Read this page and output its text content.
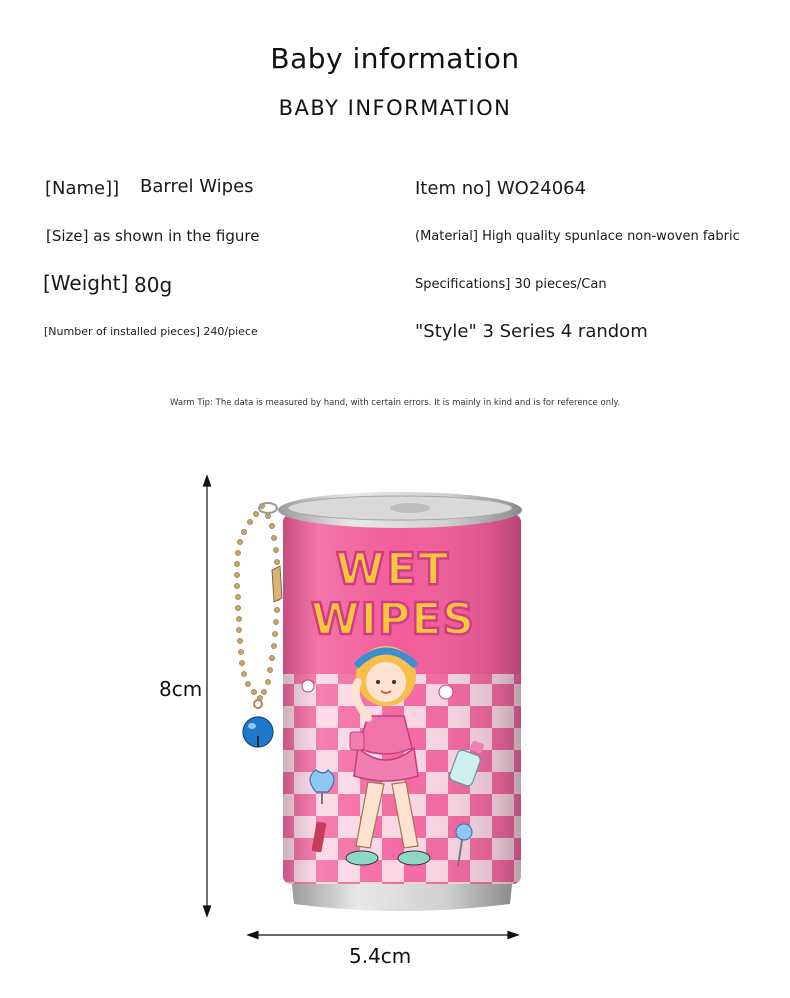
Baby information
BABY INFORMATION
[Name]] Barrel Wipes	Item no] WO24064
[Size] as shown in the figure	(Material] High quality spunlace non-woven fabric
[Weight] 80g	Specifications] 30 pieces/Can
[Number of installed pieces] 240/piece	"Style" 3 Series 4 random
Warm Tip: The data is measured by hand, with certain errors. It is mainly in kind and is for reference only.
8cm
5.4cm
WET
WIPES
